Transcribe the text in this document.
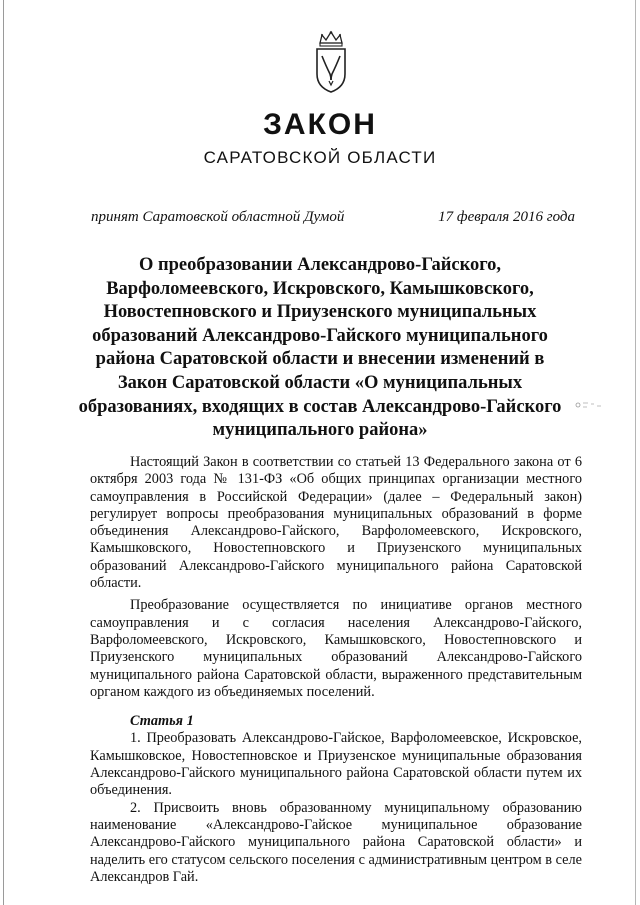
ЗАКОН
САРАТОВСКОЙ ОБЛАСТИ
принят Саратовской областной Думой	17 февраля 2016 года
О преобразовании Александрово-Гайского, Варфоломеевского, Искровского, Камышковского, Новостепновского и Приузенского муниципальных образований Александрово-Гайского муниципального района Саратовской области и внесении изменений в Закон Саратовской области «О муниципальных образованиях, входящих в состав Александрово-Гайского муниципального района»

Настоящий Закон в соответствии со статьей 13 Федерального закона от 6 октября 2003 года № 131-ФЗ «Об общих принципах организации местного самоуправления в Российской Федерации» (далее – Федеральный закон) регулирует вопросы преобразования муниципальных образований в форме объединения Александрово-Гайского, Варфоломеевского, Искровского, Камышковского, Новостепновского и Приузенского муниципальных образований Александрово-Гайского муниципального района Саратовской области.

Преобразование осуществляется по инициативе органов местного самоуправления и с согласия населения Александрово-Гайского, Варфоломеевского, Искровского, Камышковского, Новостепновского и Приузенского муниципальных образований Александрово-Гайского муниципального района Саратовской области, выраженного представительным органом каждого из объединяемых поселений.

Статья 1

1. Преобразовать Александрово-Гайское, Варфоломеевское, Искровское, Камышковское, Новостепновское и Приузенское муниципальные образования Александрово-Гайского муниципального района Саратовской области путем их объединения.

2. Присвоить вновь образованному муниципальному образованию наименование «Александрово-Гайское муниципальное образование Александрово-Гайского муниципального района Саратовской области» и наделить его статусом сельского поселения с административным центром в селе Александров Гай.
